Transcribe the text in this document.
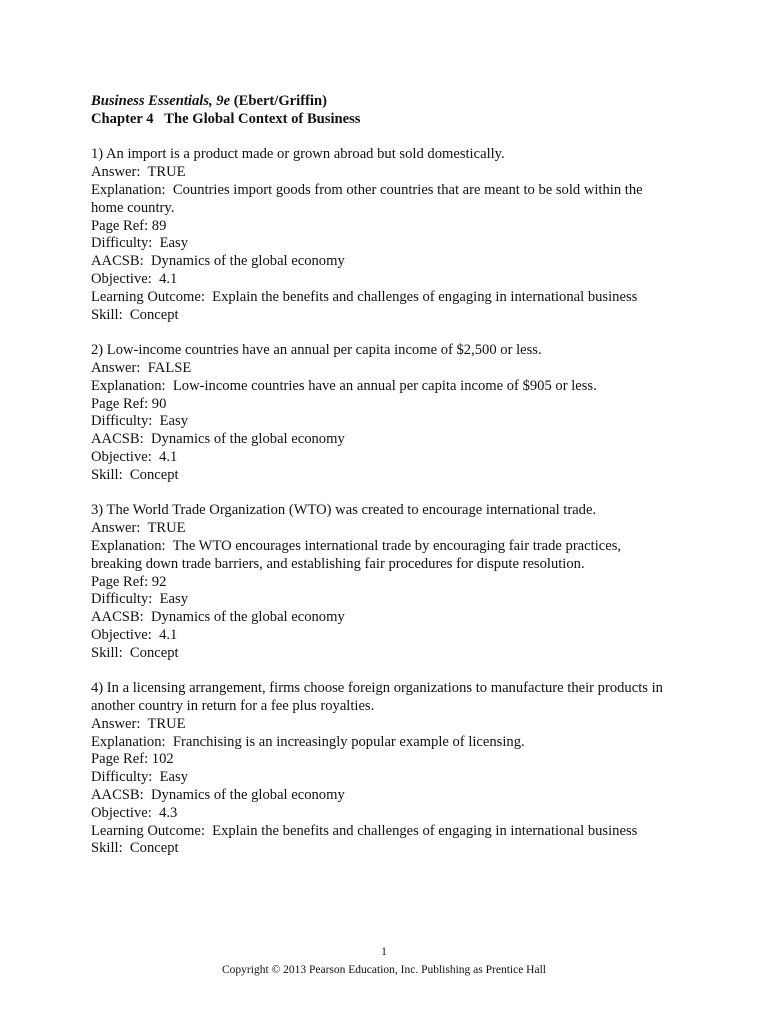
Business Essentials, 9e (Ebert/Griffin)
Chapter 4   The Global Context of Business
1) An import is a product made or grown abroad but sold domestically.
Answer:  TRUE
Explanation:  Countries import goods from other countries that are meant to be sold within the home country.
Page Ref: 89
Difficulty:  Easy
AACSB:  Dynamics of the global economy
Objective:  4.1
Learning Outcome:  Explain the benefits and challenges of engaging in international business
Skill:  Concept
2) Low-income countries have an annual per capita income of $2,500 or less.
Answer:  FALSE
Explanation:  Low-income countries have an annual per capita income of $905 or less.
Page Ref: 90
Difficulty:  Easy
AACSB:  Dynamics of the global economy
Objective:  4.1
Skill:  Concept
3) The World Trade Organization (WTO) was created to encourage international trade.
Answer:  TRUE
Explanation:  The WTO encourages international trade by encouraging fair trade practices, breaking down trade barriers, and establishing fair procedures for dispute resolution.
Page Ref: 92
Difficulty:  Easy
AACSB:  Dynamics of the global economy
Objective:  4.1
Skill:  Concept
4) In a licensing arrangement, firms choose foreign organizations to manufacture their products in another country in return for a fee plus royalties.
Answer:  TRUE
Explanation:  Franchising is an increasingly popular example of licensing.
Page Ref: 102
Difficulty:  Easy
AACSB:  Dynamics of the global economy
Objective:  4.3
Learning Outcome:  Explain the benefits and challenges of engaging in international business
Skill:  Concept
1
Copyright © 2013 Pearson Education, Inc. Publishing as Prentice Hall
